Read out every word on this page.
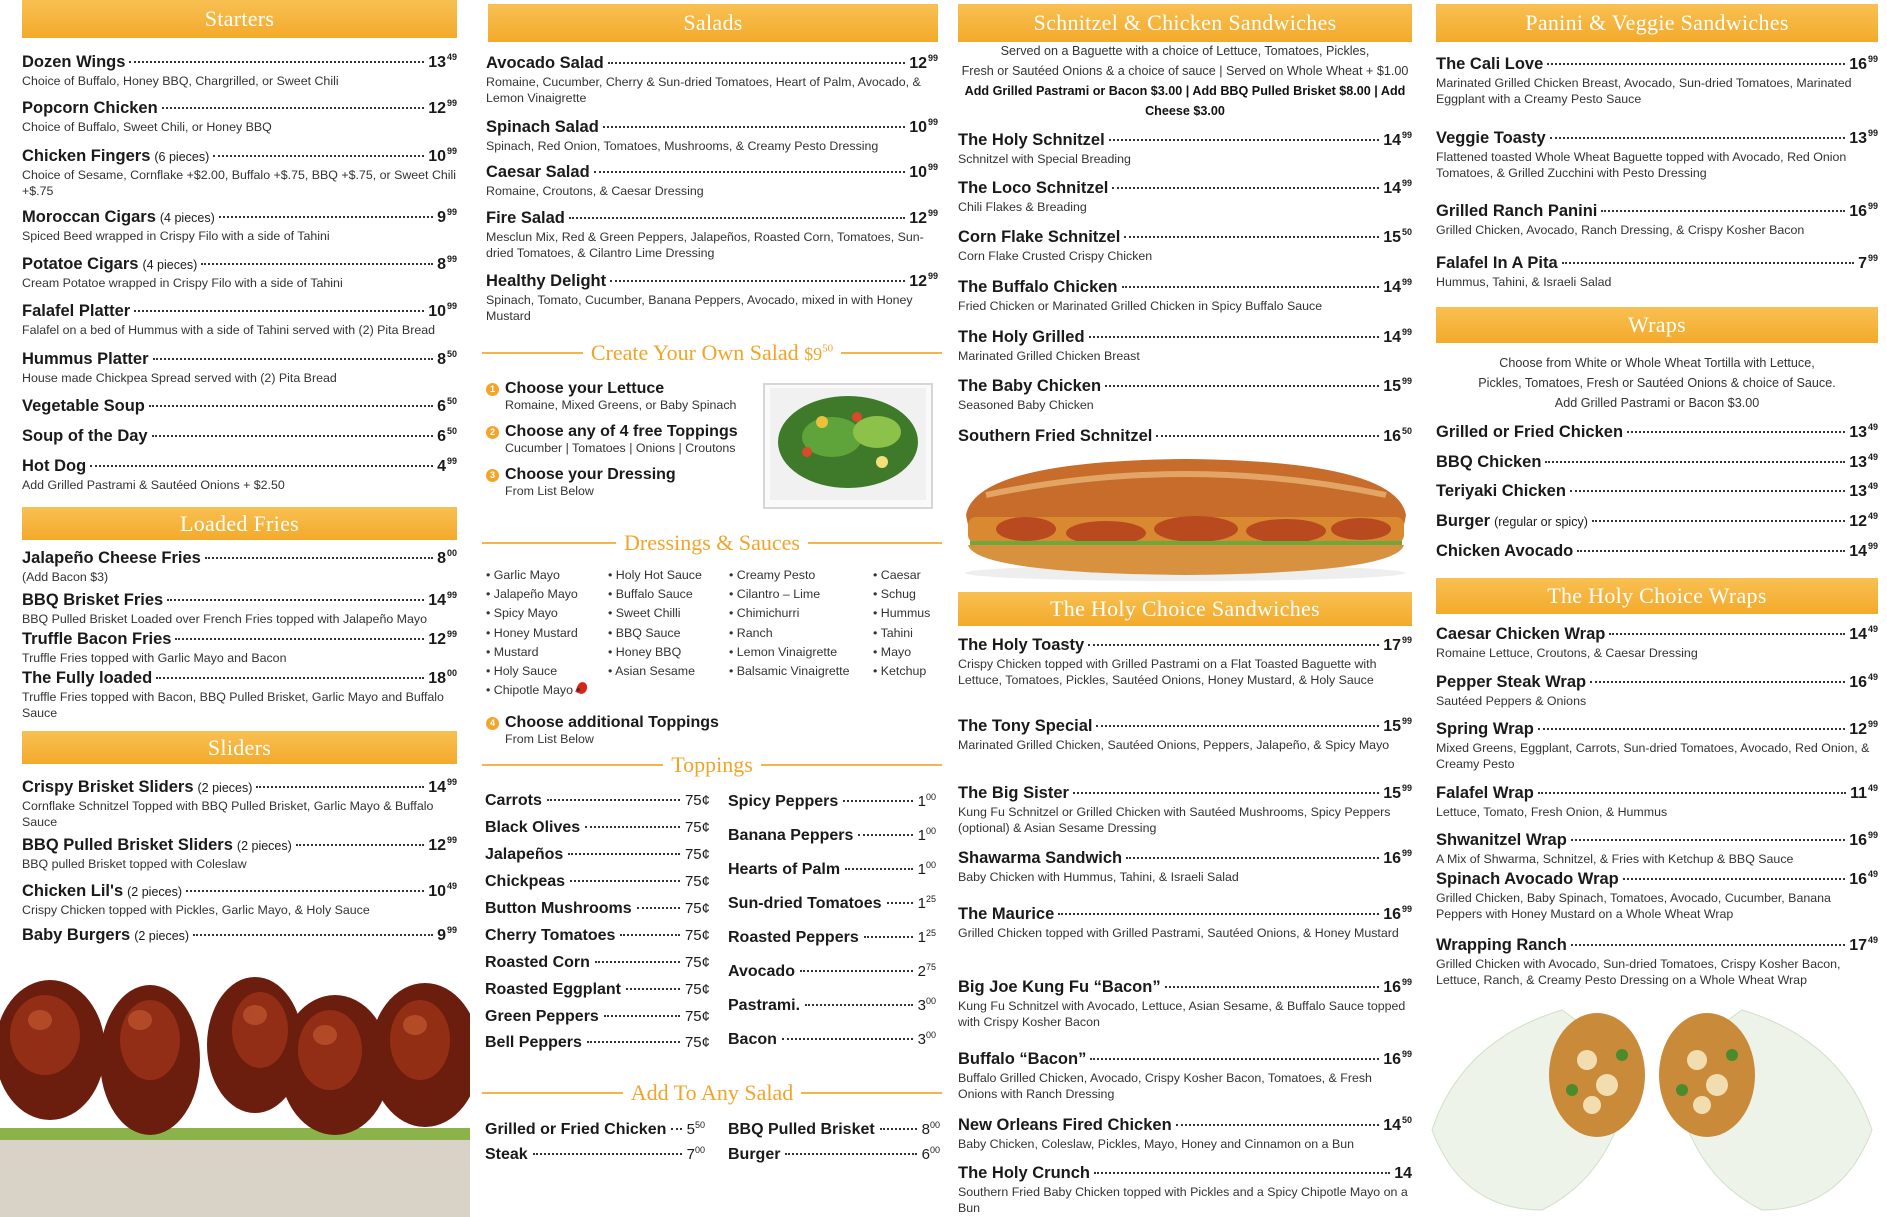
Starters
Dozen Wings	$13^{49}$
Choice of Buffalo, Honey BBQ, Chargrilled, or Sweet Chili
Popcorn Chicken	$12^{99}$
Choice of Buffalo, Sweet Chili, or Honey BBQ
Chicken Fingers (6 pieces)	$10^{99}$
Choice of Sesame, Cornflake +$2.00, Buffalo +$.75, BBQ +$.75, or Sweet Chili +$.75
Moroccan Cigars (4 pieces)	$9^{99}$
Spiced Beed wrapped in Crispy Filo with a side of Tahini
Potatoe Cigars (4 pieces)	$8^{99}$
Cream Potatoe wrapped in Crispy Filo with a side of Tahini
Falafel Platter	$10^{99}$
Falafel on a bed of Hummus with a side of Tahini served with (2) Pita Bread
Hummus Platter	$8^{50}$
House made Chickpea Spread served with (2) Pita Bread
Vegetable Soup	$6^{50}$
Soup of the Day	$6^{50}$
Hot Dog	$4^{99}$
Add Grilled Pastrami & Sautéed Onions + $2.50
Loaded Fries
Jalapeño Cheese Fries	$8^{00}$
(Add Bacon $3)
BBQ Brisket Fries	$14^{99}$
BBQ Pulled Brisket Loaded over French Fries topped with Jalapeño Mayo
Truffle Bacon Fries	$12^{99}$
Truffle Fries topped with Garlic Mayo and Bacon
The Fully loaded	$18^{00}$
Truffle Fries topped with Bacon, BBQ Pulled Brisket, Garlic Mayo and Buffalo Sauce
Sliders
Crispy Brisket Sliders (2 pieces)	$14^{99}$
Cornflake Schnitzel Topped with BBQ Pulled Brisket, Garlic Mayo & Buffalo Sauce
BBQ Pulled Brisket Sliders (2 pieces)	$12^{99}$
BBQ pulled Brisket topped with Coleslaw
Chicken Lil's (2 pieces)	$10^{49}$
Crispy Chicken topped with Pickles, Garlic Mayo, & Holy Sauce
Baby Burgers (2 pieces)	$9^{99}$
Salads
Avocado Salad	$12^{99}$
Romaine, Cucumber, Cherry & Sun-dried Tomatoes, Heart of Palm, Avocado, & Lemon Vinaigrette
Spinach Salad	$10^{99}$
Spinach, Red Onion, Tomatoes, Mushrooms, & Creamy Pesto Dressing
Caesar Salad	$10^{99}$
Romaine, Croutons, & Caesar Dressing
Fire Salad	$12^{99}$
Mesclun Mix, Red & Green Peppers, Jalapeños, Roasted Corn, Tomatoes, Sun-dried Tomatoes, & Cilantro Lime Dressing
Healthy Delight	$12^{99}$
Spinach, Tomato, Cucumber, Banana Peppers, Avocado, mixed in with Honey Mustard
Create Your Own Salad $\$9^{50}$
1 Choose your Lettuce
Romaine, Mixed Greens, or Baby Spinach
2 Choose any of 4 free Toppings
Cucumber | Tomatoes | Onions | Croutons
3 Choose your Dressing
From List Below
Dressings & Sauces
• Garlic Mayo	• Holy Hot Sauce	• Creamy Pesto	• Caesar
• Jalapeño Mayo	• Buffalo Sauce	• Cilantro – Lime	• Schug
• Spicy Mayo	• Sweet Chilli	• Chimichurri	• Hummus
• Honey Mustard	• BBQ Sauce	• Ranch	• Tahini
• Mustard	• Honey BBQ	• Lemon Vinaigrette	• Mayo
• Holy Sauce	• Asian Sesame	• Balsamic Vinaigrette	• Ketchup
• Chipotle Mayo•
4 Choose additional Toppings
From List Below
Toppings
Carrots	75¢
Black Olives	75¢
Jalapeños	75¢
Chickpeas	75¢
Button Mushrooms	75¢
Cherry Tomatoes	75¢
Roasted Corn	75¢
Roasted Eggplant	75¢
Green Peppers	75¢
Bell Peppers	75¢
Spicy Peppers	$1^{00}$
Banana Peppers	$1^{00}$
Hearts of Palm	$1^{00}$
Sun-dried Tomatoes $1^{25}$
Roasted Peppers	$1^{25}$
Avocado	$2^{75}$
Pastrami.	$3^{00}$
Bacon	$3^{00}$
Add To Any Salad
Grilled or Fried Chicken $5^{50}$ BBQ Pulled Brisket	$8^{00}$
Steak	$7^{00}$ Burger	$6^{00}$
Schnitzel & Chicken Sandwiches
Served on a Baguette with a choice of Lettuce, Tomatoes, Pickles,
Fresh or Sautéed Onions & a choice of sauce | Served on Whole Wheat + $1.00
Add Grilled Pastrami or Bacon $3.00 | Add BBQ Pulled Brisket $8.00 | Add
Cheese $3.00
The Holy Schnitzel	$14^{99}$
Schnitzel with Special Breading
The Loco Schnitzel	$14^{99}$
Chili Flakes & Breading
Corn Flake Schnitzel	$15^{50}$
Corn Flake Crusted Crispy Chicken
The Buffalo Chicken	$14^{99}$
Fried Chicken or Marinated Grilled Chicken in Spicy Buffalo Sauce
The Holy Grilled	$14^{99}$
Marinated Grilled Chicken Breast
The Baby Chicken	$15^{99}$
Seasoned Baby Chicken
Southern Fried Schnitzel	$16^{50}$
The Holy Choice Sandwiches
The Holy Toasty	$17^{99}$
Crispy Chicken topped with Grilled Pastrami on a Flat Toasted Baguette with Lettuce, Tomatoes, Pickles, Sautéed Onions, Honey Mustard, & Holy Sauce
The Tony Special	$15^{99}$
Marinated Grilled Chicken, Sautéed Onions, Peppers, Jalapeño, & Spicy Mayo
The Big Sister	$15^{99}$
Kung Fu Schnitzel or Grilled Chicken with Sautéed Mushrooms, Spicy Peppers (optional) & Asian Sesame Dressing
Shawarma Sandwich	$16^{99}$
Baby Chicken with Hummus, Tahini, & Israeli Salad
The Maurice	$16^{99}$
Grilled Chicken topped with Grilled Pastrami, Sautéed Onions, & Honey Mustard
Big Joe Kung Fu “Bacon”	$16^{99}$
Kung Fu Schnitzel with Avocado, Lettuce, Asian Sesame, & Buffalo Sauce topped with Crispy Kosher Bacon
Buffalo “Bacon”	$16^{99}$
Buffalo Grilled Chicken, Avocado, Crispy Kosher Bacon, Tomatoes, & Fresh Onions with Ranch Dressing
New Orleans Fired Chicken	$14^{50}$
Baby Chicken, Coleslaw, Pickles, Mayo, Honey and Cinnamon on a Bun
The Holy Crunch	14
Southern Fried Baby Chicken topped with Pickles and a Spicy Chipotle Mayo on a Bun
Panini & Veggie Sandwiches
The Cali Love	$16^{99}$
Marinated Grilled Chicken Breast, Avocado, Sun-dried Tomatoes, Marinated Eggplant with a Creamy Pesto Sauce
Veggie Toasty	$13^{99}$
Flattened toasted Whole Wheat Baguette topped with Avocado, Red Onion Tomatoes, & Grilled Zucchini with Pesto Dressing
Grilled Ranch Panini	$16^{99}$
Grilled Chicken, Avocado, Ranch Dressing, & Crispy Kosher Bacon
Falafel In A Pita	$7^{99}$
Hummus, Tahini, & Israeli Salad
Wraps
Choose from White or Whole Wheat Tortilla with Lettuce,
Pickles, Tomatoes, Fresh or Sautéed Onions & choice of Sauce.
Add Grilled Pastrami or Bacon $3.00
Grilled or Fried Chicken	$13^{49}$
BBQ Chicken	$13^{49}$
Teriyaki Chicken	$13^{49}$
Burger (regular or spicy)	$12^{49}$
Chicken Avocado	$14^{99}$
The Holy Choice Wraps
Caesar Chicken Wrap	$14^{49}$
Romaine Lettuce, Croutons, & Caesar Dressing
Pepper Steak Wrap	$16^{49}$
Sautéed Peppers & Onions
Spring Wrap	$12^{99}$
Mixed Greens, Eggplant, Carrots, Sun-dried Tomatoes, Avocado, Red Onion, & Creamy Pesto
Falafel Wrap	$11^{49}$
Lettuce, Tomato, Fresh Onion, & Hummus
Shwanitzel Wrap	$16^{99}$
A Mix of Shwarma, Schnitzel, & Fries with Ketchup & BBQ Sauce
Spinach Avocado Wrap	$16^{49}$
Grilled Chicken, Baby Spinach, Tomatoes, Avocado, Cucumber, Banana Peppers with Honey Mustard on a Whole Wheat Wrap
Wrapping Ranch	$17^{49}$
Grilled Chicken with Avocado, Sun-dried Tomatoes, Crispy Kosher Bacon, Lettuce, Ranch, & Creamy Pesto Dressing on a Whole Wheat Wrap
